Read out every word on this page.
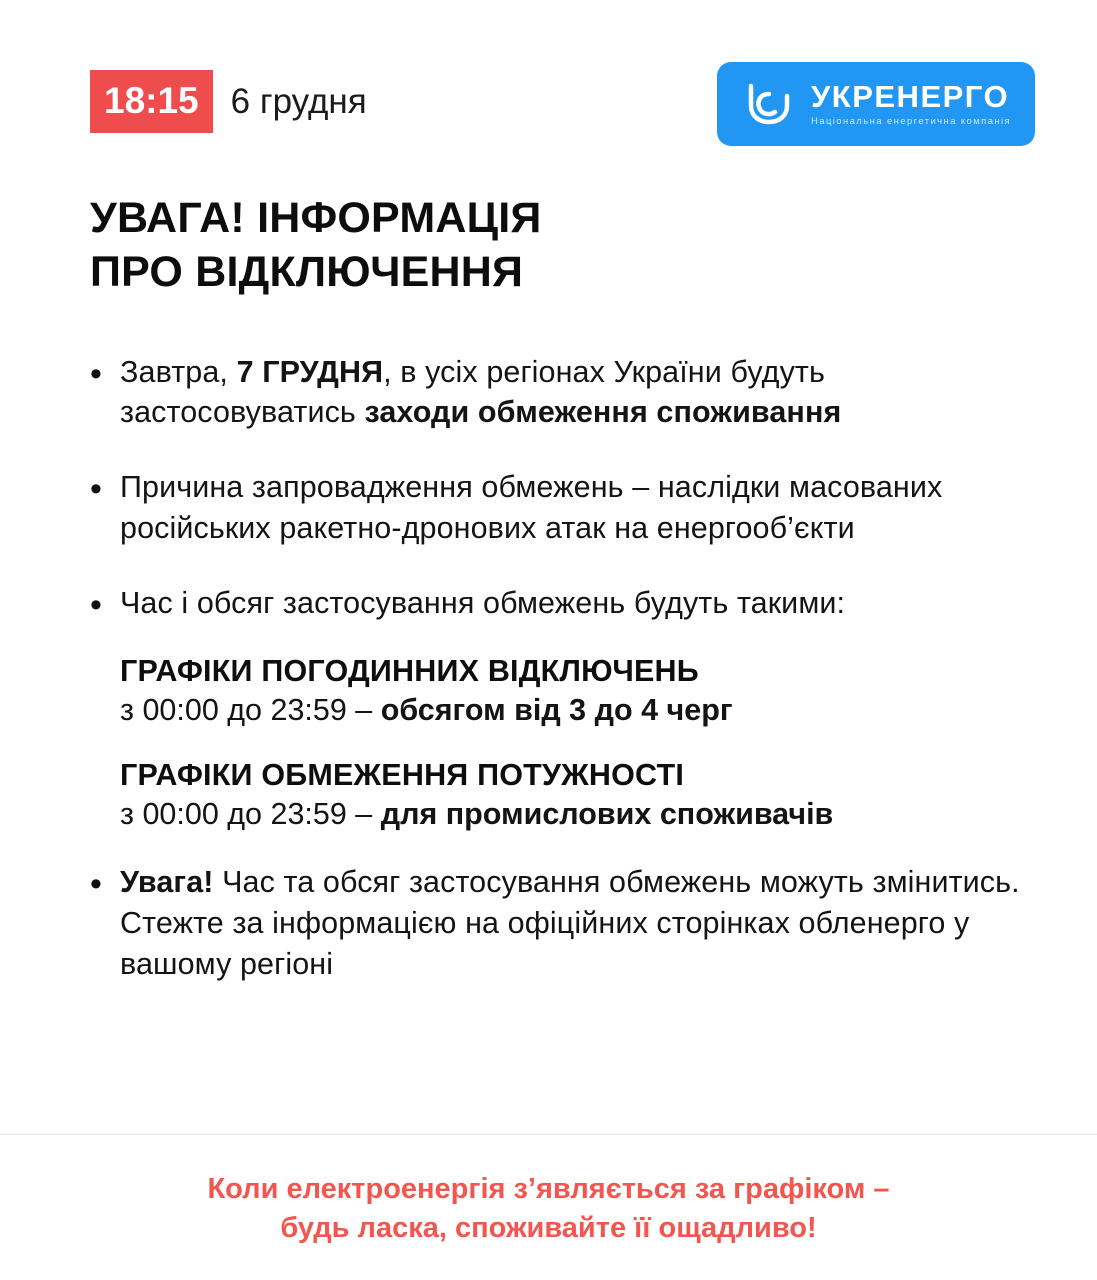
18:15 6 грудня	УКРЕНЕРГО
Національна енергетична компанія
УВАГА! ІНФОРМАЦІЯ
ПРО ВІДКЛЮЧЕННЯ
• Завтра, 7 ГРУДНЯ, в усіх регіонах України будуть застосовуватись заходи обмеження споживання
• Причина запровадження обмежень – наслідки масованих російських ракетно-дронових атак на енергооб’єкти
• Час і обсяг застосування обмежень будуть такими:
ГРАФІКИ ПОГОДИННИХ ВІДКЛЮЧЕНЬ
з 00:00 до 23:59 – обсягом від 3 до 4 черг
ГРАФІКИ ОБМЕЖЕННЯ ПОТУЖНОСТІ
з 00:00 до 23:59 – для промислових споживачів
• Увага! Час та обсяг застосування обмежень можуть змінитись. Стежте за інформацією на офіційних сторінках обленерго у вашому регіоні
Коли електроенергія з’являється за графіком –
будь ласка, споживайте її ощадливо!
